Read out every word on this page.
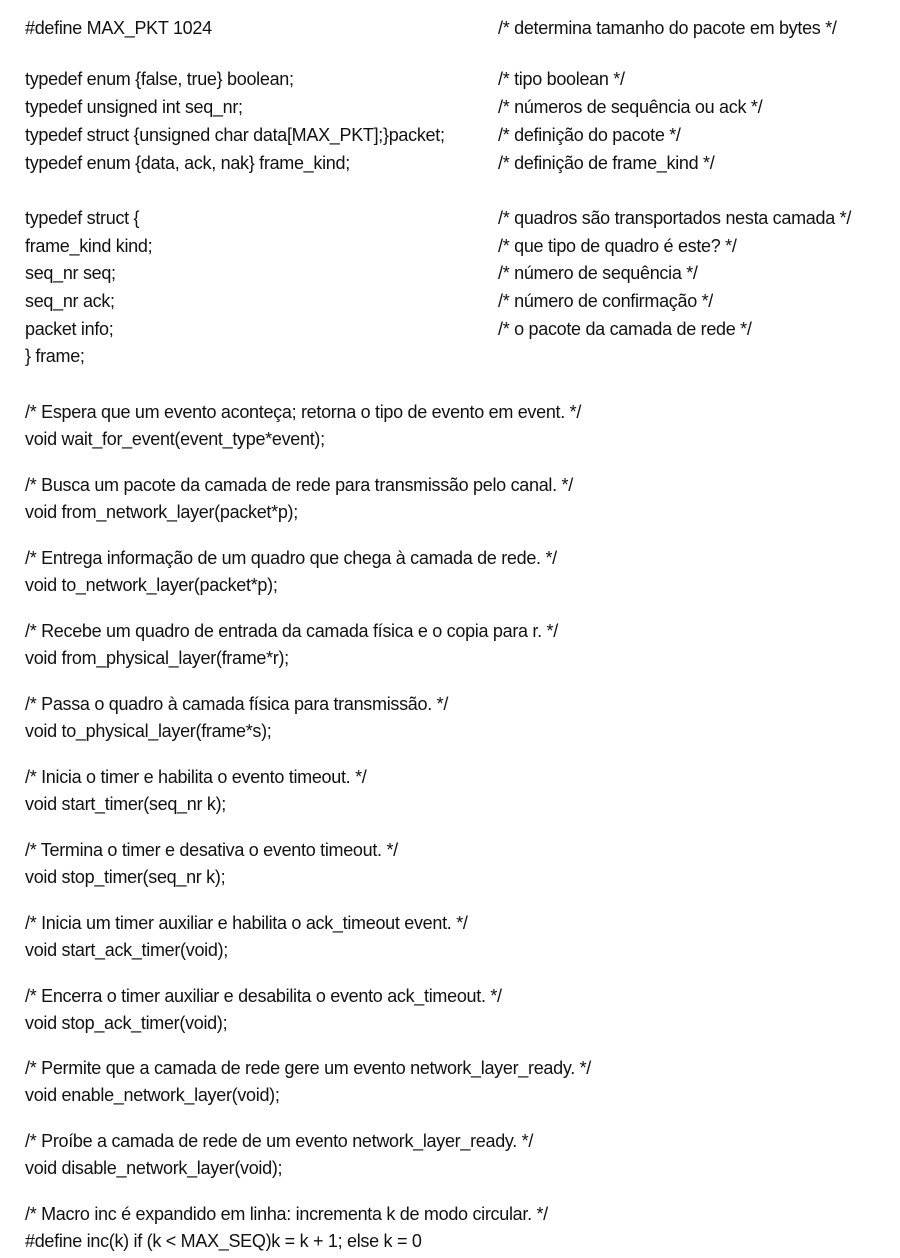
#define MAX_PKT 1024	/* determina tamanho do pacote em bytes */
typedef enum {false, true} boolean;	/* tipo boolean */
typedef unsigned int seq_nr;	/* números de sequência ou ack */
typedef struct {unsigned char data[MAX_PKT];}packet;	/* definição do pacote */
typedef enum {data, ack, nak} frame_kind;	/* definição de frame_kind */
typedef struct {	/* quadros são transportados nesta camada */
frame_kind kind;	/* que tipo de quadro é este? */
seq_nr seq;	/* número de sequência */
seq_nr ack;	/* número de confirmação */
packet info;	/* o pacote da camada de rede */
} frame;
/* Espera que um evento aconteça; retorna o tipo de evento em event. */
void wait_for_event(event_type*event);
/* Busca um pacote da camada de rede para transmissão pelo canal. */
void from_network_layer(packet*p);
/* Entrega informação de um quadro que chega à camada de rede. */
void to_network_layer(packet*p);
/* Recebe um quadro de entrada da camada física e o copia para r. */
void from_physical_layer(frame*r);
/* Passa o quadro à camada física para transmissão. */
void to_physical_layer(frame*s);
/* Inicia o timer e habilita o evento timeout. */
void start_timer(seq_nr k);
/* Termina o timer e desativa o evento timeout. */
void stop_timer(seq_nr k);
/* Inicia um timer auxiliar e habilita o ack_timeout event. */
void start_ack_timer(void);
/* Encerra o timer auxiliar e desabilita o evento ack_timeout. */
void stop_ack_timer(void);
/* Permite que a camada de rede gere um evento network_layer_ready. */
void enable_network_layer(void);
/* Proíbe a camada de rede de um evento network_layer_ready. */
void disable_network_layer(void);
/* Macro inc é expandido em linha: incrementa k de modo circular. */
#define inc(k) if (k < MAX_SEQ)k = k + 1; else k = 0
